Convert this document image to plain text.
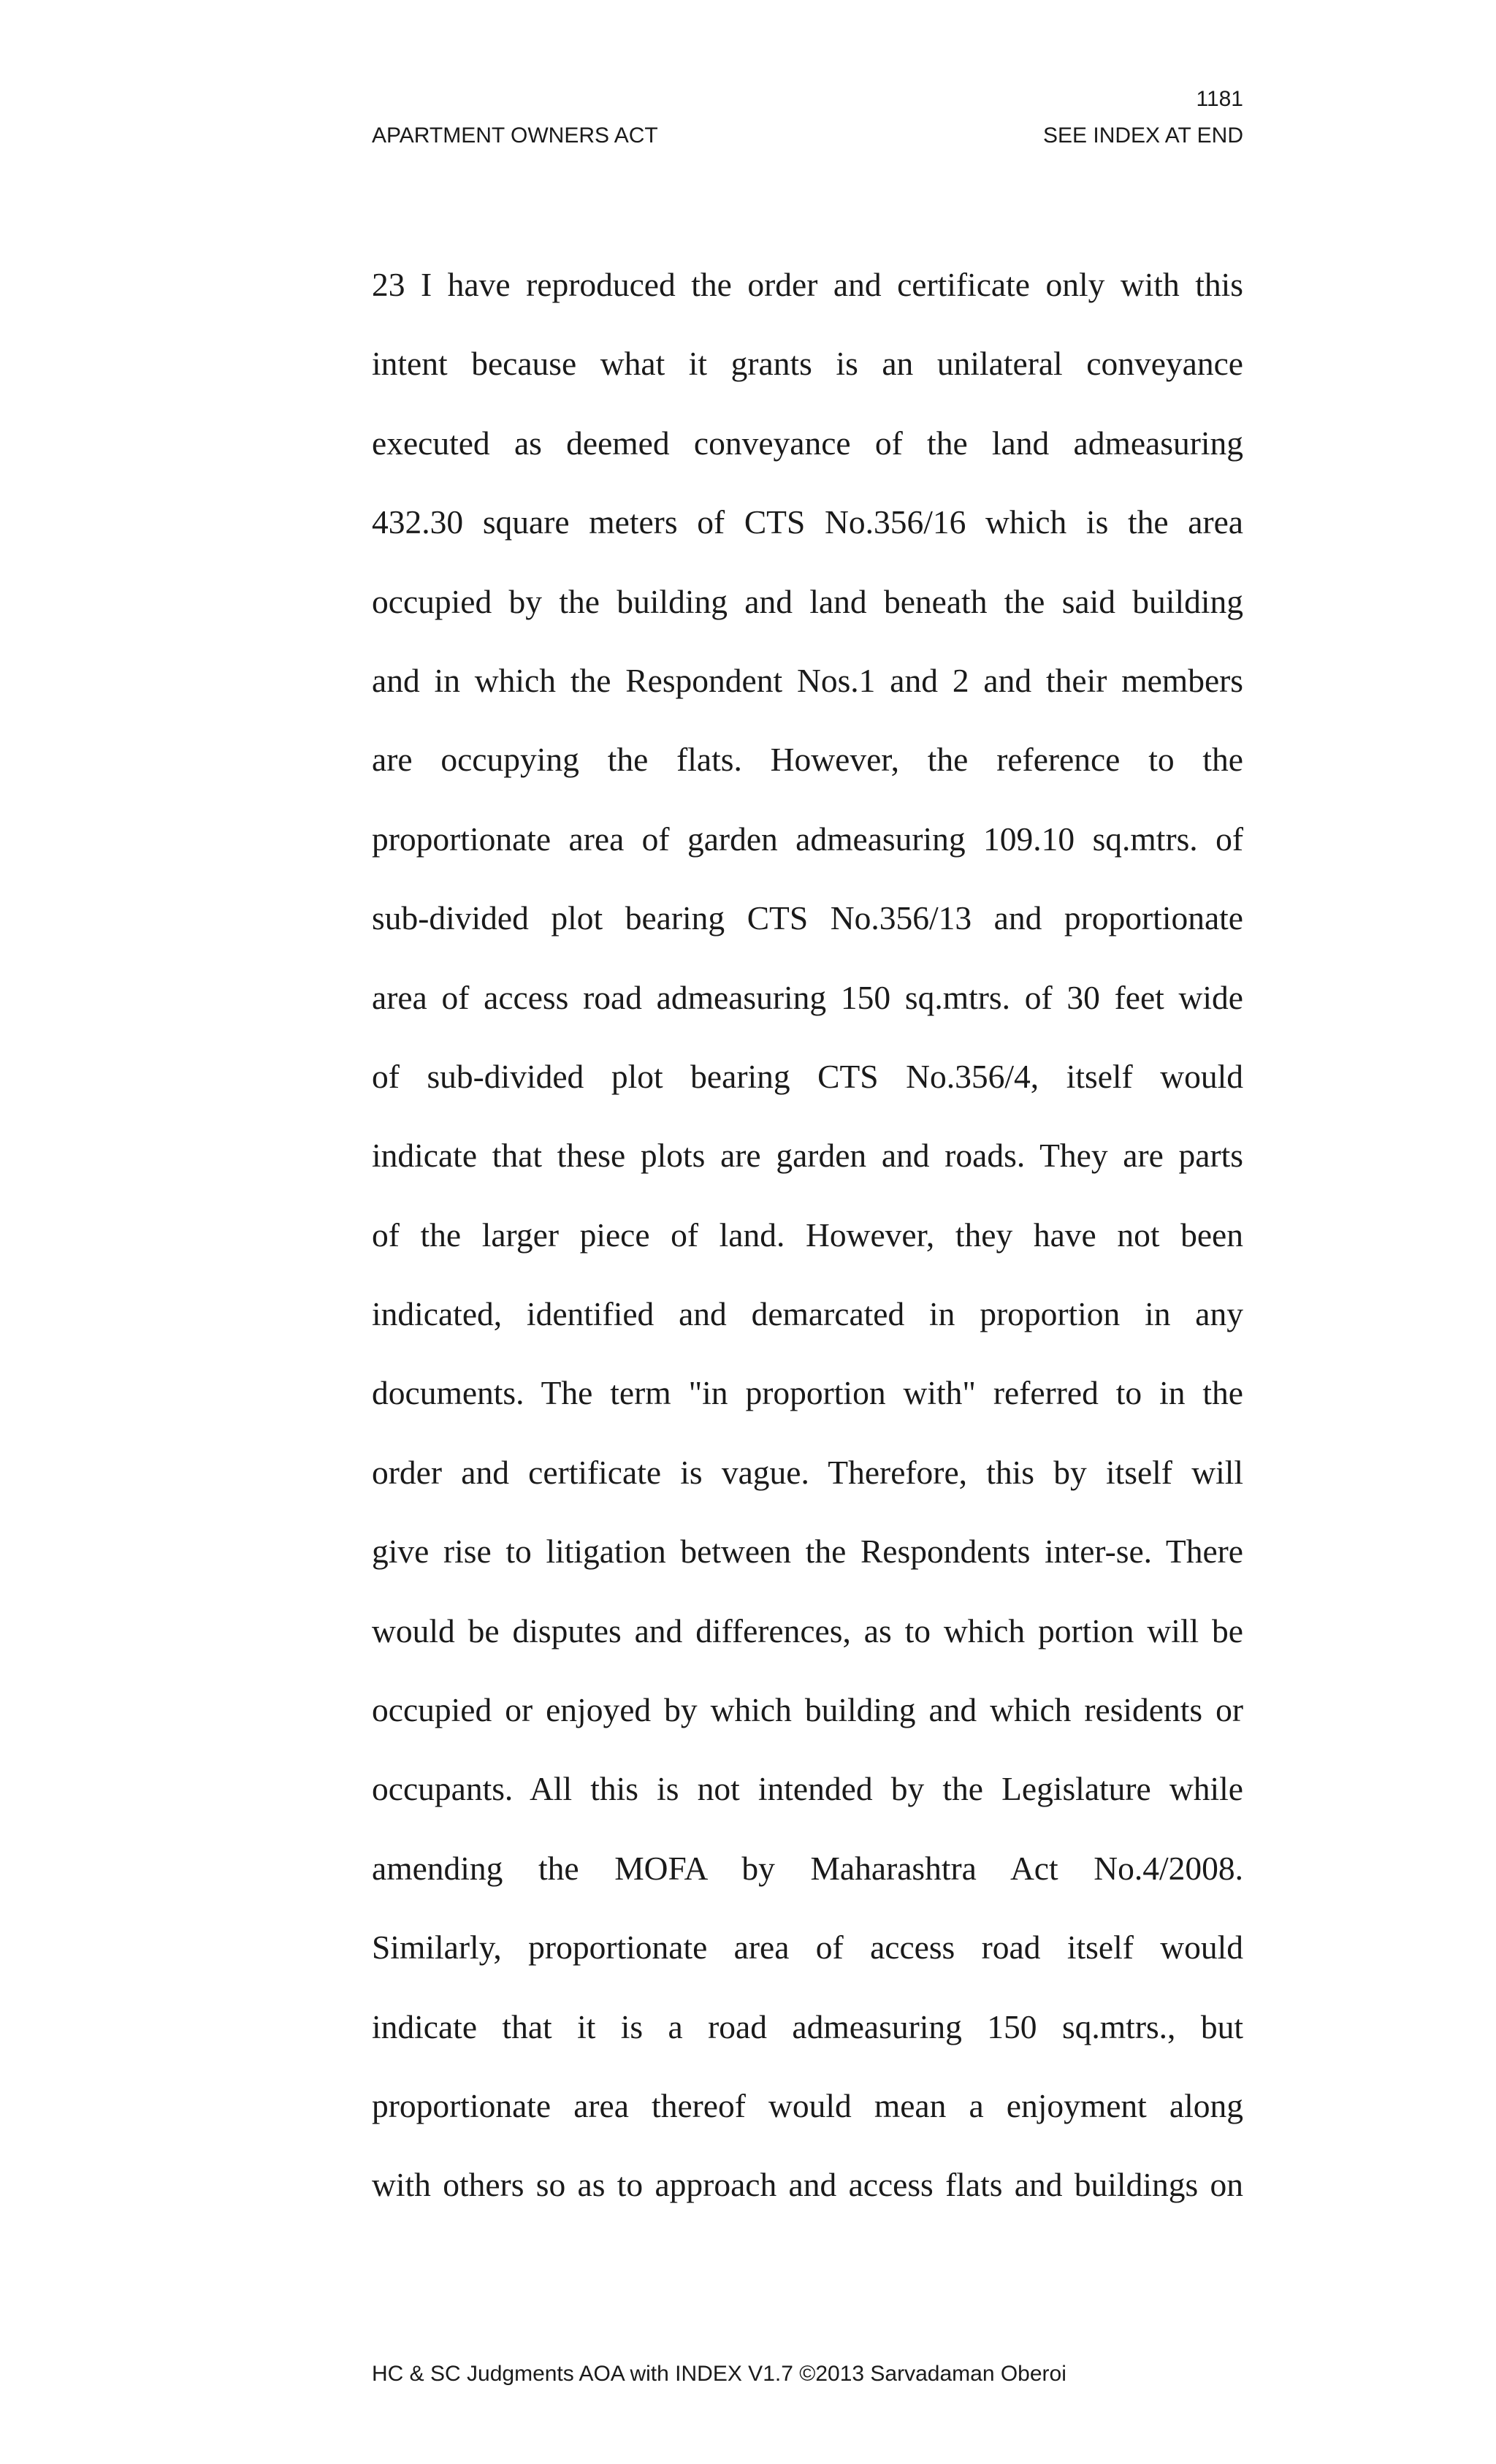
1181
APARTMENT OWNERS ACT	SEE INDEX AT END
23 I have reproduced the order and certificate only with this
intent because what it grants is an unilateral conveyance
executed as deemed conveyance of the land admeasuring
432.30 square meters of CTS No.356/16 which is the area
occupied by the building and land beneath the said building
and in which the Respondent Nos.1 and 2 and their members
are occupying the flats. However, the reference to the
proportionate area of garden admeasuring 109.10 sq.mtrs. of
sub-divided plot bearing CTS No.356/13 and proportionate
area of access road admeasuring 150 sq.mtrs. of 30 feet wide
of sub-divided plot bearing CTS No.356/4, itself would
indicate that these plots are garden and roads. They are parts
of the larger piece of land. However, they have not been
indicated, identified and demarcated in proportion in any
documents. The term "in proportion with" referred to in the
order and certificate is vague. Therefore, this by itself will
give rise to litigation between the Respondents inter-se. There
would be disputes and differences, as to which portion will be
occupied or enjoyed by which building and which residents or
occupants. All this is not intended by the Legislature while
amending the MOFA by Maharashtra Act No.4/2008.
Similarly, proportionate area of access road itself would
indicate that it is a road admeasuring 150 sq.mtrs., but
proportionate area thereof would mean a enjoyment along
with others so as to approach and access flats and buildings on
HC & SC Judgments AOA with INDEX V1.7 ©2013 Sarvadaman Oberoi
